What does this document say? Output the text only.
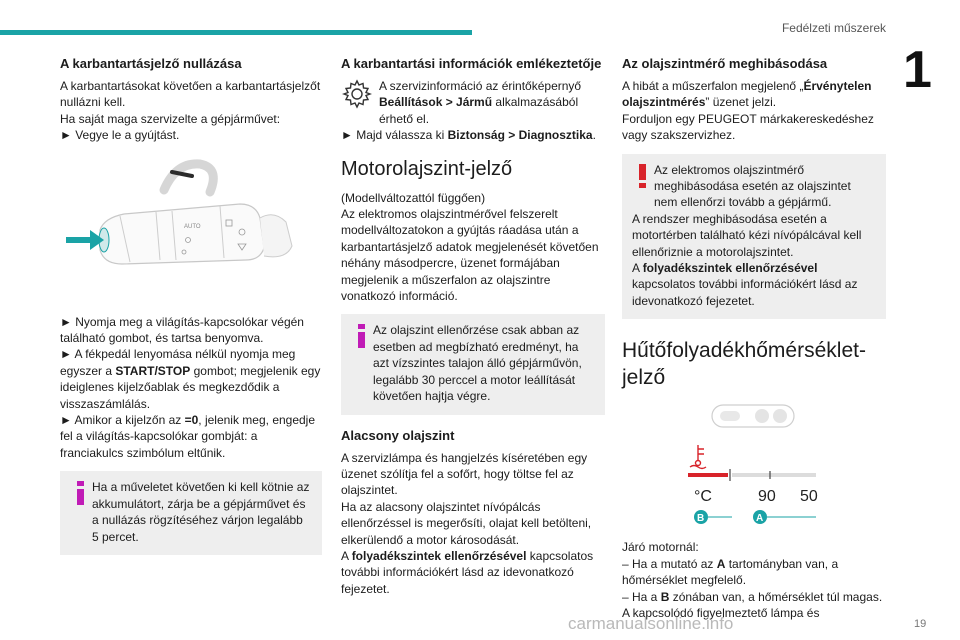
Fedélzeti műszerek
1
A karbantartásjelző nullázása

A karbantartásokat követően a karbantartásjelzőt nullázni kell.

Ha saját maga szervizelte a gépjárművet:

► Vegye le a gyújtást.

AUTO

► Nyomja meg a világítás-kapcsolókar végén található gombot, és tartsa benyomva.

► A fékpedál lenyomása nélkül nyomja meg egyszer a START/STOP gombot; megjelenik egy ideiglenes kijelzőablak és megkezdődik a visszaszámlálás.

► Amikor a kijelzőn az =0, jelenik meg, engedje fel a világítás-kapcsolókar gombját: a franciakulcs szimbólum eltűnik.

Ha a műveletet követően ki kell kötnie az akkumulátort, zárja be a gépjárművet és a nullázás rögzítéséhez várjon legalább 5 percet.

A karbantartási információk emlékeztetője

A szervizinformáció az érintőképernyő Beállítások > Jármű alkalmazásából érhető el.

► Majd válassza ki Biztonság > Diagnosztika.

Motorolajszint-jelző

(Modellváltozattól függően)

Az elektromos olajszintmérővel felszerelt modellváltozatokon a gyújtás ráadása után a karbantartásjelző adatok megjelenését követően néhány másodpercre, üzenet formájában megjelenik a műszerfalon az olajszintre vonatkozó információ.

Az olajszint ellenőrzése csak abban az esetben ad megbízható eredményt, ha azt vízszintes talajon álló gépjárművön, legalább 30 perccel a motor leállítását követően hajtja végre.

Alacsony olajszint

A szervizlámpa és hangjelzés kíséretében egy üzenet szólítja fel a sofőrt, hogy töltse fel az olajszintet.

Ha az alacsony olajszintet nívópálcás ellenőrzéssel is megerősíti, olajat kell betölteni, elkerülendő a motor károsodását.

A folyadékszintek ellenőrzésével kapcsolatos további információkért lásd az idevonatkozó fejezetet.

Az olajszintmérő meghibásodása

A hibát a műszerfalon megjelenő „Érvénytelen olajszintmérés” üzenet jelzi.

Forduljon egy PEUGEOT márkakereskedéshez vagy szakszervizhez.

Az elektromos olajszintmérő meghibásodása esetén az olajszintet nem ellenőrzi tovább a gépjármű.

A rendszer meghibásodása esetén a motortérben található kézi nívópálcával kell ellenőriznie a motorolajszintet.

A folyadékszintek ellenőrzésével kapcsolatos további információkért lásd az idevonatkozó fejezetet.

Hűtőfolyadékhőmérséklet-jelző
°C	90 50
B	A

Járó motornál:

– Ha a mutató az A tartományban van, a hőmérséklet megfelelő.

– Ha a B zónában van, a hőmérséklet túl magas. A kapcsolódó figyelmeztető lámpa és

carmanualsonline.info	19
